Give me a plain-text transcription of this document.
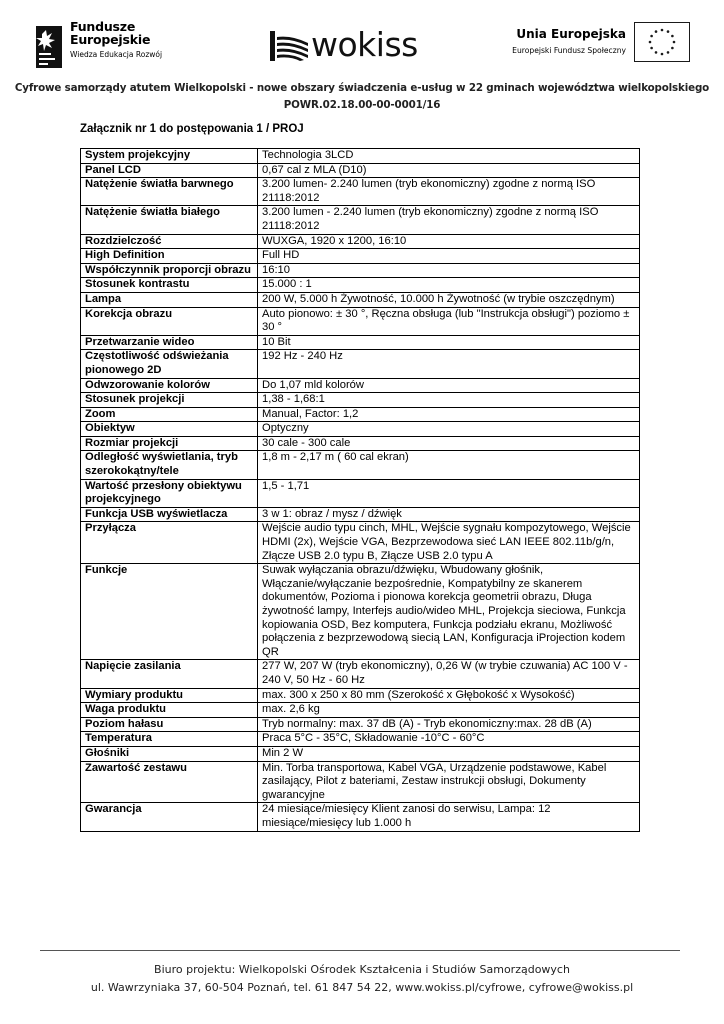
Fundusze
Europejskie
Wiedza Edukacja Rozwój	wokiss	Unia Europejska
Europejski Fundusz Społeczny
Cyfrowe samorządy atutem Wielkopolski - nowe obszary świadczenia e-usług w 22 gminach województwa wielkopolskiego
POWR.02.18.00-00-0001/16
Załącznik nr 1 do postępowania 1 / PROJ
System projekcyjny	Technologia 3LCD
Panel LCD	0,67 cal z MLA (D10)
Natężenie światła barwnego	3.200 lumen- 2.240 lumen (tryb ekonomiczny) zgodne z normą ISO 21118:2012
Natężenie światła białego	3.200 lumen - 2.240 lumen (tryb ekonomiczny) zgodne z normą ISO 21118:2012
Rozdzielczość	WUXGA, 1920 x 1200, 16:10
High Definition	Full HD
Współczynnik proporcji obrazu	16:10
Stosunek kontrastu	15.000 : 1
Lampa	200 W, 5.000 h Żywotność, 10.000 h Żywotność (w trybie oszczędnym)
Korekcja obrazu	Auto pionowo: ± 30 °, Ręczna obsługa (lub "Instrukcja obsługi") poziomo ± 30 °
Przetwarzanie wideo	10 Bit
Częstotliwość odświeżania pionowego 2D	192 Hz - 240 Hz
Odwzorowanie kolorów	Do 1,07 mld kolorów
Stosunek projekcji	1,38 - 1,68:1
Zoom	Manual, Factor: 1,2
Obiektyw	Optyczny
Rozmiar projekcji	30 cale - 300 cale
Odległość wyświetlania, tryb szerokokątny/tele	1,8 m - 2,17 m ( 60 cal ekran)
Wartość przesłony obiektywu projekcyjnego	1,5 - 1,71
Funkcja USB wyświetlacza	3 w 1: obraz / mysz / dźwięk
Przyłącza	Wejście audio typu cinch, MHL, Wejście sygnału kompozytowego, Wejście HDMI (2x), Wejście VGA, Bezprzewodowa sieć LAN IEEE 802.11b/g/n, Złącze USB 2.0 typu B, Złącze USB 2.0 typu A
Funkcje	Suwak wyłączania obrazu/dźwięku, Wbudowany głośnik, Włączanie/wyłączanie bezpośrednie, Kompatybilny ze skanerem dokumentów, Pozioma i pionowa korekcja geometrii obrazu, Długa żywotność lampy, Interfejs audio/wideo MHL, Projekcja sieciowa, Funkcja kopiowania OSD, Bez komputera, Funkcja podziału ekranu, Możliwość połączenia z bezprzewodową siecią LAN, Konfiguracja iProjection kodem QR
Napięcie zasilania	277 W, 207 W (tryb ekonomiczny), 0,26 W (w trybie czuwania) AC 100 V - 240 V, 50 Hz - 60 Hz
Wymiary produktu	max. 300 x 250 x 80 mm (Szerokość x Głębokość x Wysokość)
Waga produktu	max. 2,6 kg
Poziom hałasu	Tryb normalny: max. 37 dB (A) - Tryb ekonomiczny:max. 28 dB (A)
Temperatura	Praca 5°C - 35°C, Składowanie -10°C - 60°C
Głośniki	Min 2 W
Zawartość zestawu	Min. Torba transportowa, Kabel VGA, Urządzenie podstawowe, Kabel zasilający, Pilot z bateriami, Zestaw instrukcji obsługi, Dokumenty gwarancyjne
Gwarancja	24 miesiące/miesięcy Klient zanosi do serwisu, Lampa: 12 miesiące/miesięcy lub 1.000 h
Biuro projektu: Wielkopolski Ośrodek Kształcenia i Studiów Samorządowych
ul. Wawrzyniaka 37, 60-504 Poznań, tel. 61 847 54 22, www.wokiss.pl/cyfrowe, cyfrowe@wokiss.pl
